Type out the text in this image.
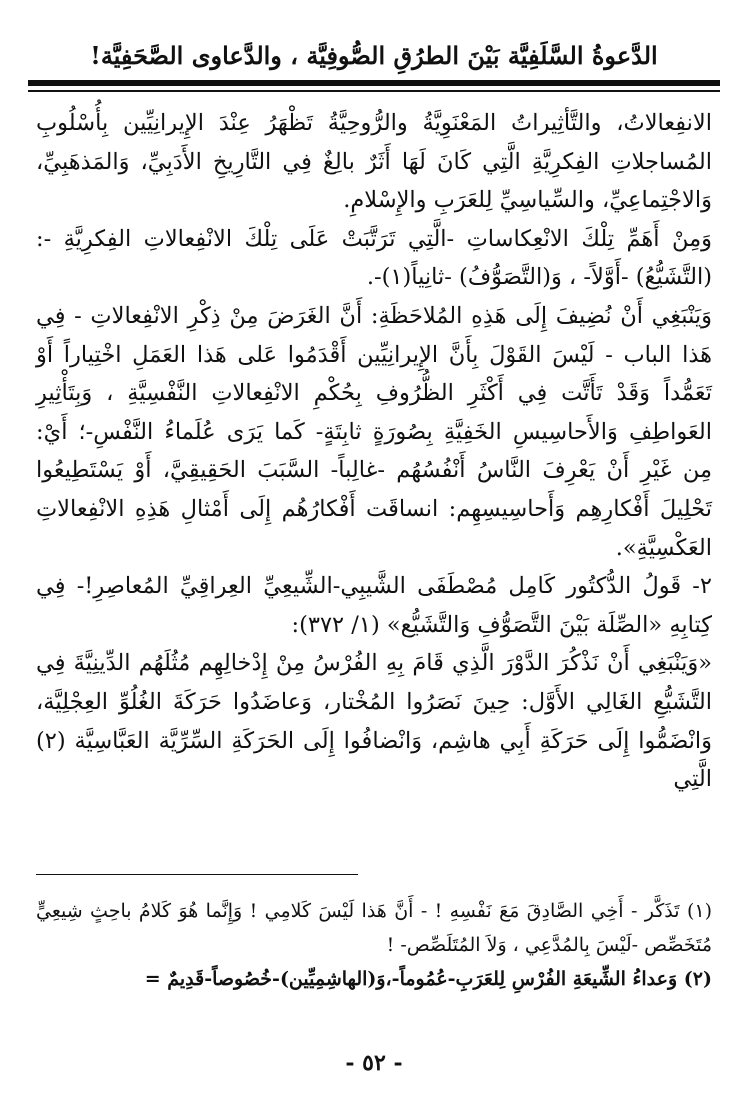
الدَّعوةُ السَّلَفِيَّة بَيْنَ الطرُقِ الصُّوفِيَّة ، والدَّعاوى الصَّحَفِيَّة!

الانفِعالاتُ، والتَّأثِيراتُ المَعْنَوِيَّةُ والرُّوحِيَّةُ تَظْهَرُ عِنْدَ الإِيرانِيِّين بِأُسْلُوبِ المُساجلاتِ الفِكرِيَّةِ الَّتِي كَانَ لَهَا أَثَرٌ بالِغٌ فِي التَّارِيخِ الأَدَبِيِّ، وَالمَذهَبِيِّ، وَالاجْتِماعِيِّ، والسِّياسِيِّ لِلعَرَبِ والإِسْلامِ.

وَمِنْ أَهَمِّ تِلْكَ الانْعِكاساتِ -الَّتِي تَرَتَّبَتْ عَلَى تِلْكَ الانْفِعالاتِ الفِكرِيَّةِ -: (التَّشَيُّعُ) -أَوَّلاً- ، وَ(التَّصَوُّفُ) -ثانِياً(١)-.

وَيَنْبَغِي أَنْ نُضِيفَ إِلَى هَذِهِ المُلاحَظَةِ: أَنَّ الغَرَضَ مِنْ ذِكْرِ الانْفِعالاتِ - فِي هَذا الباب - لَيْسَ القَوْلَ بِأَنَّ الإِيرانِيِّين أَقْدَمُوا عَلى هَذا العَمَلِ اخْتِياراً أَوْ تَعَمُّداً وَقَدْ تَأَتَّت فِي أَكْثَرِ الظُّرُوفِ بِحُكْمِ الانْفِعالاتِ النَّفْسِيَّةِ ، وَبِتَأْثِيرِ العَواطِفِ وَالأَحاسِيسِ الخَفِيَّةِ بِصُورَةٍ ثابِتَةٍ- كَما يَرَى عُلَماءُ النَّفْسِ-؛ أَيْ: مِن غَيْرِ أَنْ يَعْرِفَ النَّاسُ أَنْفُسُهُم -غالِباً- السَّبَبَ الحَقِيقِيَّ، أَوْ يَسْتَطِيعُوا تَحْلِيلَ أَفْكارِهِم وَأَحاسِيسِهِم: انساقَت أَفْكارُهُم إِلَى أَمْثالِ هَذِهِ الانْفِعالاتِ العَكْسِيَّةِ».

٢- قَولُ الدُّكتُور كَامِل مُصْطَفَى الشَّيبِي-الشِّيعِيِّ العِراقِيِّ المُعاصِرِ!- فِي كِتابِهِ «الصِّلَة بَيْنَ التَّصَوُّفِ وَالتَّشَيُّع» (١/ ٣٧٢):

«وَيَنْبَغِي أَنْ نَذْكُرَ الدَّوْرَ الَّذِي قَامَ بِهِ الفُرْسُ مِنْ إِدْخالِهِم مُثُلَهُم الدِّينِيَّةَ فِي التَّشَيُّعِ الغَالِي الأَوَّل: حِينَ نَصَرُوا المُخْتار، وَعاضَدُوا حَرَكَةَ الغُلُوِّ العِجْلِيَّة، وَانْضَمُّوا إِلَى حَرَكَةِ أَبِي هاشِم، وَانْضافُوا إِلَى الحَرَكَةِ السِّرِّيَّة العَبَّاسِيَّة (٢) الَّتِي

(١) تَذَكَّر - أَخِي الصَّادِقَ مَعَ نَفْسِهِ ! - أَنَّ هَذا لَيْسَ كَلامِي ! وَإِنَّما هُوَ كَلامُ باحِثٍ شِيعِيٍّ مُتَخَصِّص -لَيْسَ بِالمُدَّعِي ، وَلاَ المُتَلَصِّص- !

(٢) وَعداءُ الشِّيعَةِ الفُرْسِ لِلعَرَبِ-عُمُوماً-،وَ(الهاشِمِيِّين)-خُصُوصاً-قَدِيمٌ =

- ٥٢ -
